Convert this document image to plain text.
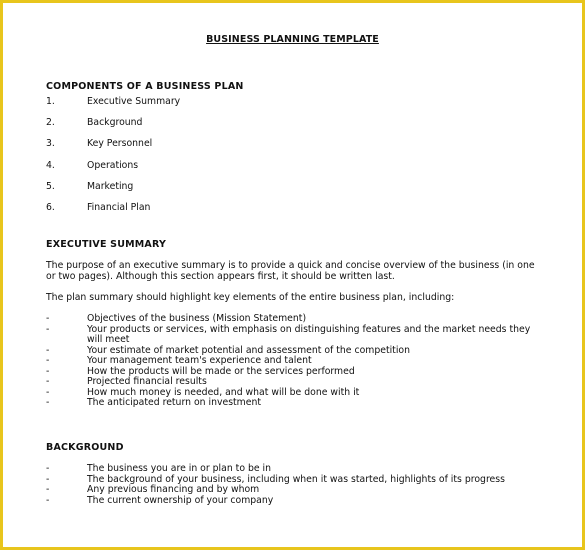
BUSINESS PLANNING TEMPLATE
COMPONENTS OF A BUSINESS PLAN
1.	Executive Summary
2.	Background
3.	Key Personnel
4.	Operations
5.	Marketing
6.	Financial Plan
EXECUTIVE SUMMARY

The purpose of an executive summary is to provide a quick and concise overview of the business (in one or two pages). Although this section appears first, it should be written last.

The plan summary should highlight key elements of the entire business plan, including:

-	Objectives of the business (Mission Statement)
-	Your products or services, with emphasis on distinguishing features and the market needs they will meet
-	Your estimate of market potential and assessment of the competition
-	Your management team's experience and talent
-	How the products will be made or the services performed
-	Projected financial results
-	How much money is needed, and what will be done with it
-	The anticipated return on investment
BACKGROUND
-	The business you are in or plan to be in
-	The background of your business, including when it was started, highlights of its progress
-	Any previous financing and by whom
-	The current ownership of your company
